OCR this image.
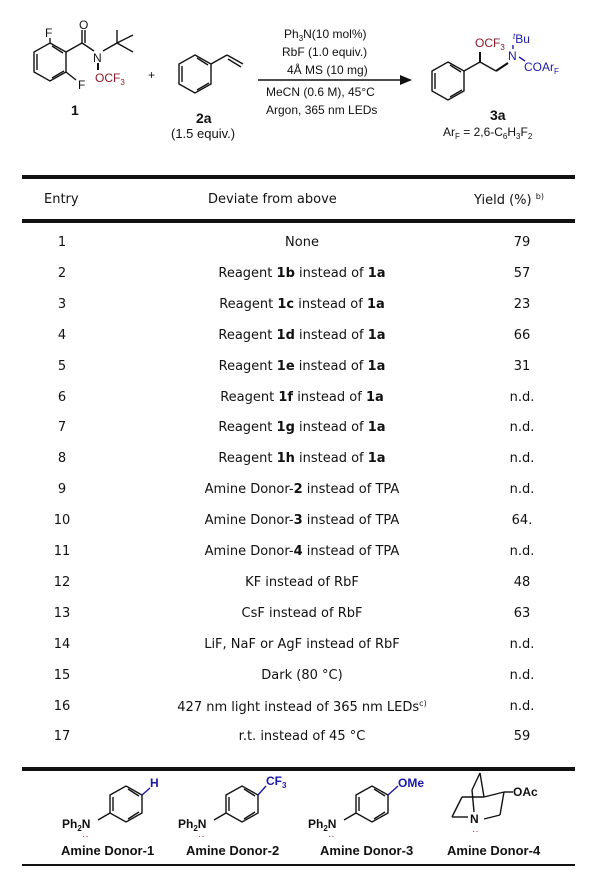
F
O
N
F $OCF_3$
1
+
2a
(1.5 equiv.)
$Ph_3N(10$ mol%)
RbF (1.0 equiv.)
4Å MS (10 mg)
MeCN (0.6 M), 45°C
Argon, 365 nm LEDs
$OCF_3$
$^t$Bu
N
COAr$_F$
3a
$Ar_F = 2,6-C_6H_3F_2$
Entry	Deviate from above	Yield (%) $^{b)}$
1	None	79
2	Reagent 1b instead of 1a	57
3	Reagent 1c instead of 1a	23
4	Reagent 1d instead of 1a	66
5	Reagent 1e instead of 1a	31
6	Reagent 1f instead of 1a	n.d.
7	Reagent 1g instead of 1a	n.d.
8	Reagent 1h instead of 1a	n.d.
9	Amine Donor-2 instead of TPA	n.d.
10	Amine Donor-3 instead of TPA	64.
11	Amine Donor-4 instead of TPA	n.d.
12	KF instead of RbF	48
13	CsF instead of RbF	63
14	LiF, NaF or AgF instead of RbF	n.d.
15	Dark (80 °C)	n.d.
16	427 nm light instead of 365 nm LEDs$^{c)}$	n.d.
17	r.t. instead of 45 °C	59
H
$Ph_2N$
··
$CF_3$
$Ph_2N$
··
OMe
$Ph_2N$
··
OAc
N
··
Amine Donor-1 Amine Donor-2	Amine Donor-3	Amine Donor-4
